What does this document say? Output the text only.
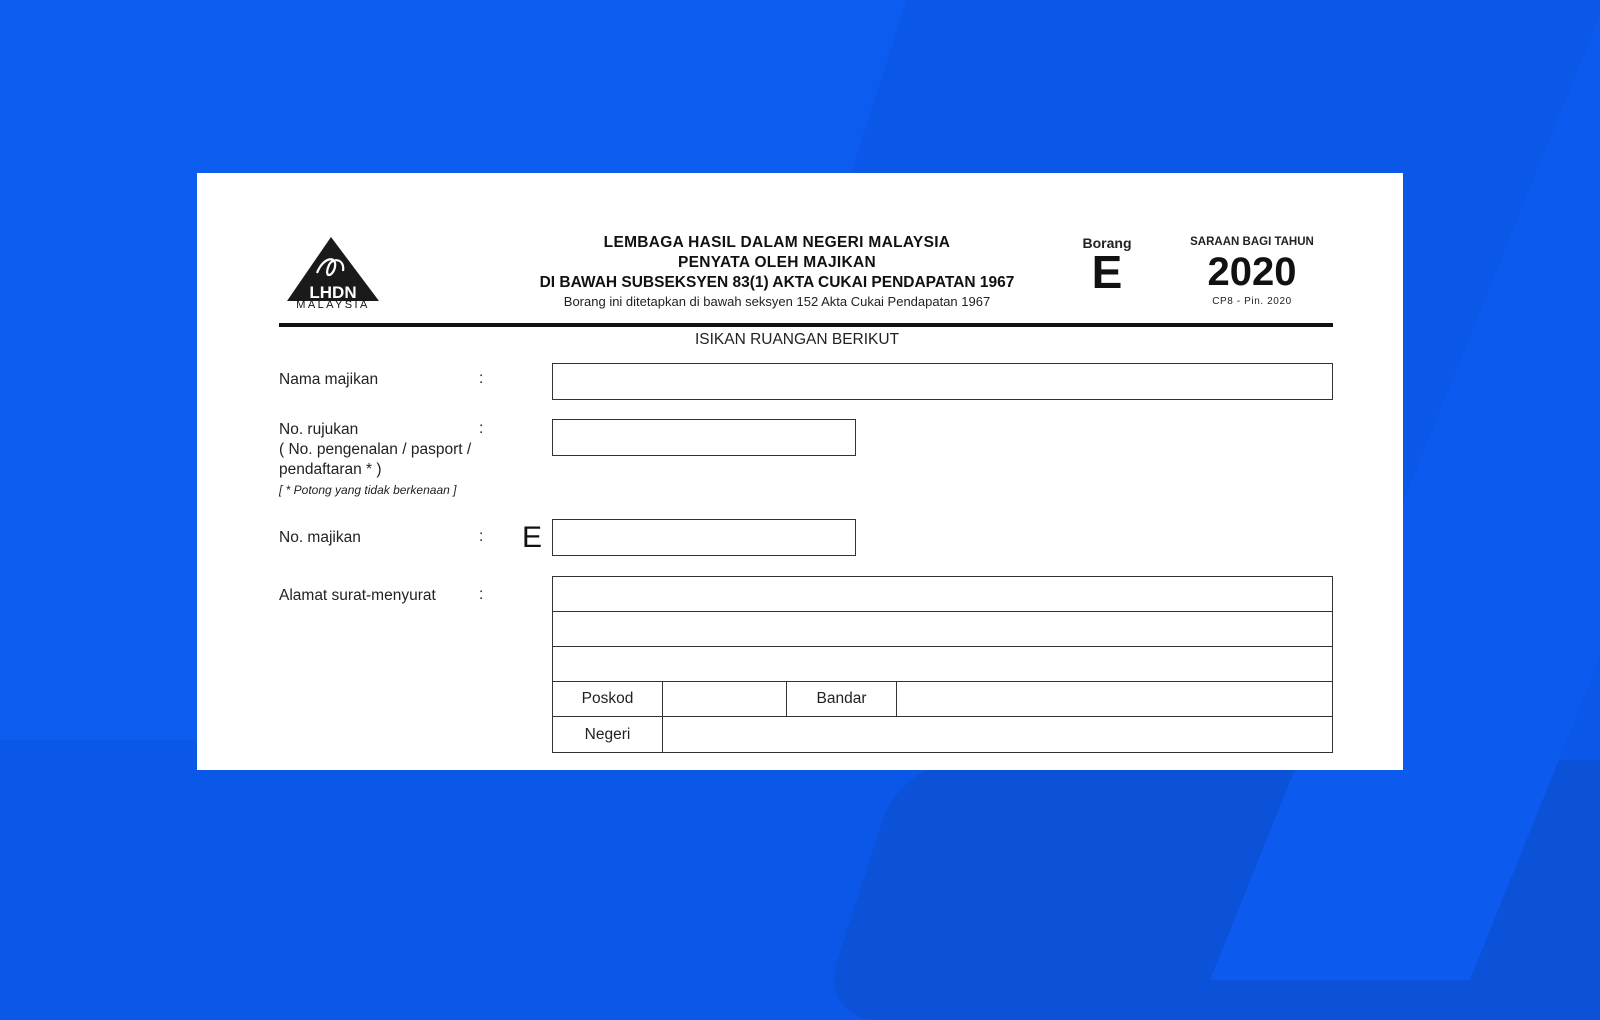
LHDN
MALAYSIA
LEMBAGA HASIL DALAM NEGERI MALAYSIA
PENYATA OLEH MAJIKAN
DI BAWAH SUBSEKSYEN 83(1) AKTA CUKAI PENDAPATAN 1967
Borang ini ditetapkan di bawah seksyen 152 Akta Cukai Pendapatan 1967
Borang
E
SARAAN BAGI TAHUN
2020
CP8 - Pin. 2020
ISIKAN RUANGAN BERIKUT
Nama majikan	:
No. rujukan
( No. pengenalan / pasport /
pendaftaran * )
[ * Potong yang tidak berkenaan ]
:
No. majikan	: E
Alamat surat-menyurat	:
Poskod	Bandar
Negeri
